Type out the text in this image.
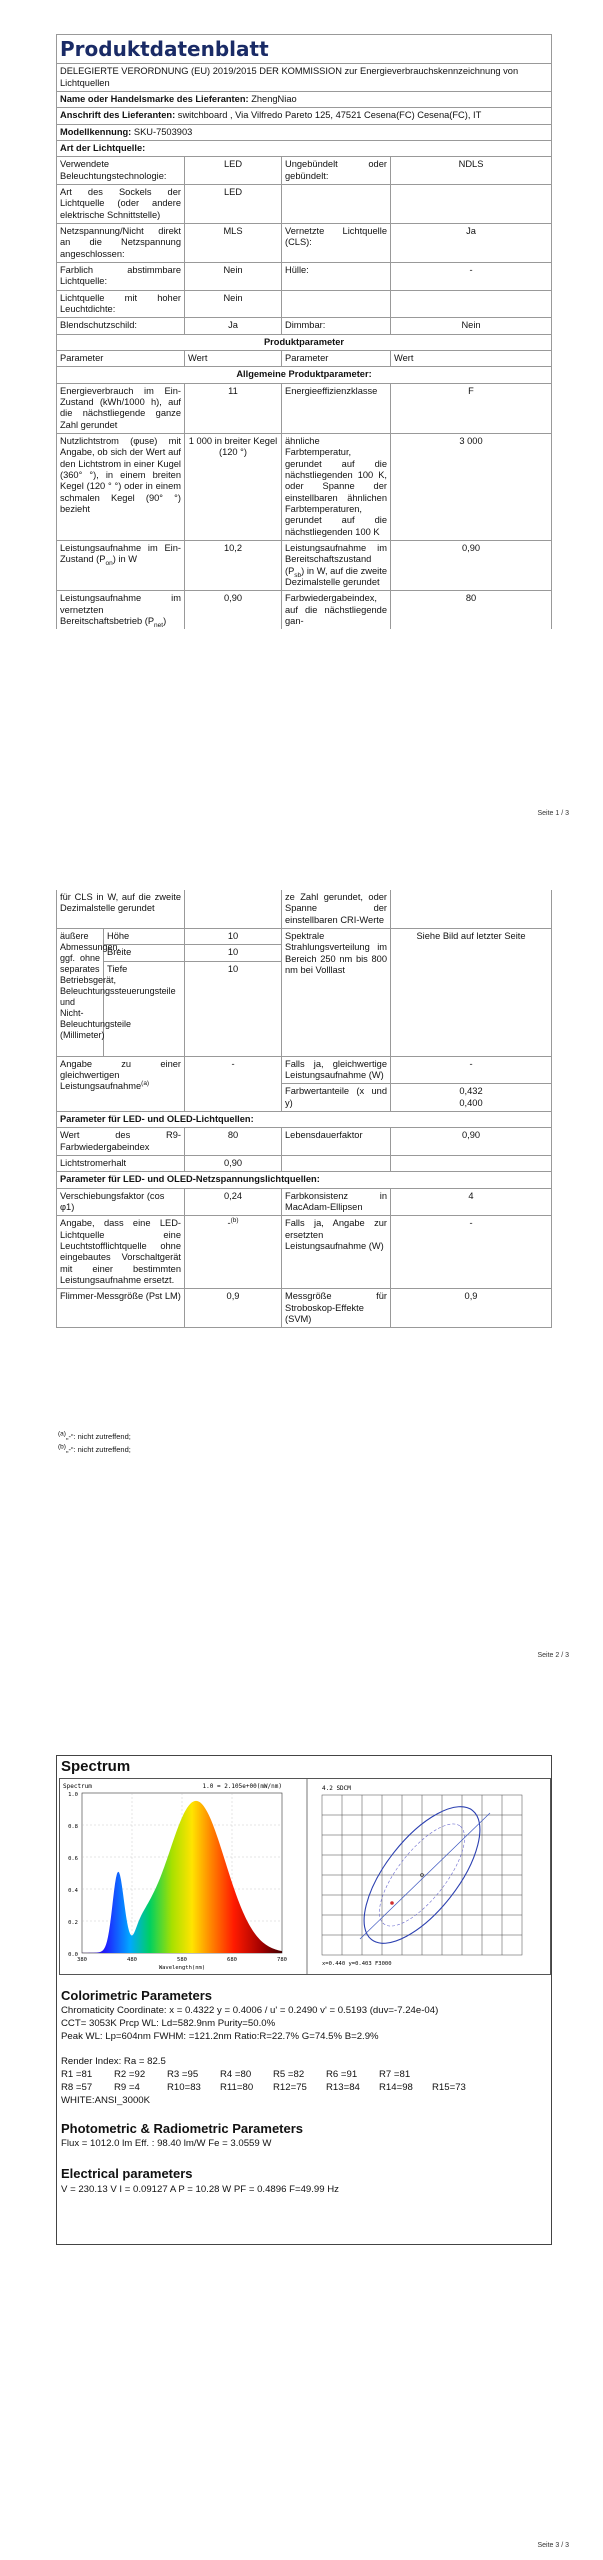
Produktdatenblatt			
DELEGIERTE VERORDNUNG (EU) 2019/2015 DER KOMMISSION zur Energieverbrauchskennzeichnung von Lichtquellen			
Name oder Handelsmarke des Lieferanten: ZhengNiao			
Anschrift des Lieferanten: switchboard , Via Vilfredo Pareto 125, 47521 Cesena(FC) Cesena(FC), IT			
Modellkennung: SKU-7503903			
Art der Lichtquelle:			
Verwendete Beleuchtungstechnologie:	LED	Ungebündelt oder gebündelt:	NDLS
Art des Sockels der Lichtquelle (oder andere elektrische Schnittstelle)	LED		
Netzspannung/Nicht direkt an die Netzspannung angeschlossen:	MLS	Vernetzte Lichtquelle (CLS):	Ja
Farblich abstimmbare Lichtquelle:	Nein	Hülle:	-
Lichtquelle mit hoher Leuchtdichte:	Nein		
Blendschutzschild:	Ja	Dimmbar:	Nein
Produktparameter			
Parameter	Wert	Parameter	Wert
Allgemeine Produktparameter:			
Energieverbrauch im Ein-Zustand (kWh/1000 h), auf die nächstliegende ganze Zahl gerundet	11	Energieeffizienzklasse	F
Nutzlichtstrom (φuse) mit Angabe, ob sich der Wert auf den Lichtstrom in einer Kugel (360° °), in einem breiten Kegel (120 ° °) oder in einem schmalen Kegel (90° °) bezieht	1 000 in breiter Kegel (120 °)	ähnliche Farbtemperatur, gerundet auf die nächstliegenden 100 K, oder Spanne der einstellbaren ähnlichen Farbtemperaturen, gerundet auf die nächstliegenden 100 K	3 000
Leistungsaufnahme im Ein-Zustand $(P_{on})$ in W	10,2	Leistungsaufnahme im Bereitschaftszustand $(P_{sb})$ in W, auf die zweite Dezimalstelle gerundet	0,90
Leistungsaufnahme im vernetzten Bereitschaftsbetrieb $(P_{net})$	0,90	Farbwiedergabeindex, auf die nächstliegende gan-	80
Seite 1 / 3
für CLS in W, auf die zweite Dezimalstelle gerundet			ze Zahl gerundet, oder Spanne der einstellbaren CRI-Werte	
äußere Abmessungen, ggf. ohne separates Betriebsgerät, Beleuchtungssteuerungsteile und Nicht-Beleuchtungsteile (Millimeter)	Höhe	10	Spektrale Strahlungsverteilung im Bereich 250 nm bis 800 nm bei Volllast	Siehe Bild auf letzter Seite
	Breite	10		
	Tiefe	10		
Angabe zu einer gleichwertigen Leistungsaufnahme$^{(a)}$		-	Falls ja, gleichwertige Leistungsaufnahme (W)	-
			Farbwertanteile (x und y)	0,432
0,400

Parameter für LED- und OLED-Lichtquellen:				
Wert des R9-Farbwiedergabeindex		80	Lebensdauerfaktor	0,90
Lichtstromerhalt		0,90		
Parameter für LED- und OLED-Netzspannungslichtquellen:				
Verschiebungsfaktor (cos φ1)		0,24	Farbkonsistenz in MacAdam-Ellipsen	4
Angabe, dass eine LED-Lichtquelle eine Leuchtstofflichtquelle ohne eingebautes Vorschaltgerät mit einer bestimmten Leistungsaufnahme ersetzt.		-$^{(b)}$	Falls ja, Angabe zur ersetzten Leistungsaufnahme (W)	-
Flimmer-Messgröße (Pst LM)		0,9	Messgröße für Stroboskop-Effekte (SVM)	0,9
$^{(a)}$„-“: nicht zutreffend;
$^{(b)}$„-“: nicht zutreffend;
Seite 2 / 3
Spectrum
Spectrum	1.0 = 2.105e+00(mW/nm)
1.0
0.8
0.6
0.4
0.2
0.0
380	480	580	680	780
Wavelength(nm)
4.2 SDCM
x=0.440 y=0.403 F3000
Colorimetric Parameters
Chromaticity Coordinate: x = 0.4322 y = 0.4006 / u' = 0.2490 v' = 0.5193 (duv=-7.24e-04)
CCT= 3053K Prcp WL: Ld=582.9nm Purity=50.0%
Peak WL: Lp=604nm FWHM: =121.2nm Ratio:R=22.7% G=74.5% B=2.9%
Render Index: Ra = 82.5
R1 =81 R2 =92 R3 =95 R4 =80 R5 =82 R6 =91 R7 =81
R8 =57 R9 =4	R10=83 R11=80 R12=75 R13=84 R14=98 R15=73
WHITE:ANSI_3000K
Photometric & Radiometric Parameters
Flux = 1012.0 lm Eff. : 98.40 lm/W Fe = 3.0559 W
Electrical parameters
V = 230.13 V I = 0.09127 A P = 10.28 W PF = 0.4896 F=49.99 Hz
Seite 3 / 3
